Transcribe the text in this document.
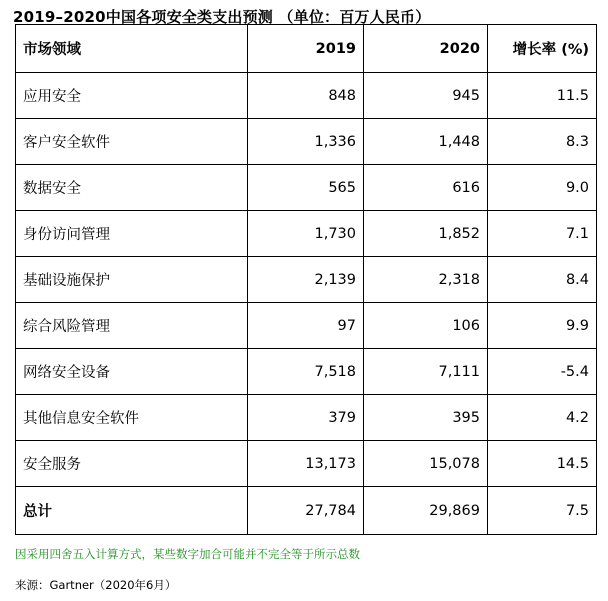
2019–2020中国各项安全类支出预测 （单位：百万人民币）
市场领域	2019	2020	增长率 (%)
应用安全	848	945	11.5
客户安全软件	1,336	1,448	8.3
数据安全	565	616	9.0
身份访问管理	1,730	1,852	7.1
基础设施保护	2,139	2,318	8.4
综合风险管理	97	106	9.9
网络安全设备	7,518	7,111	-5.4
其他信息安全软件	379	395	4.2
安全服务	13,173	15,078	14.5
总计	27,784	29,869	7.5
因采用四舍五入计算方式，某些数字加合可能并不完全等于所示总数
来源：Gartner（2020年6月）
